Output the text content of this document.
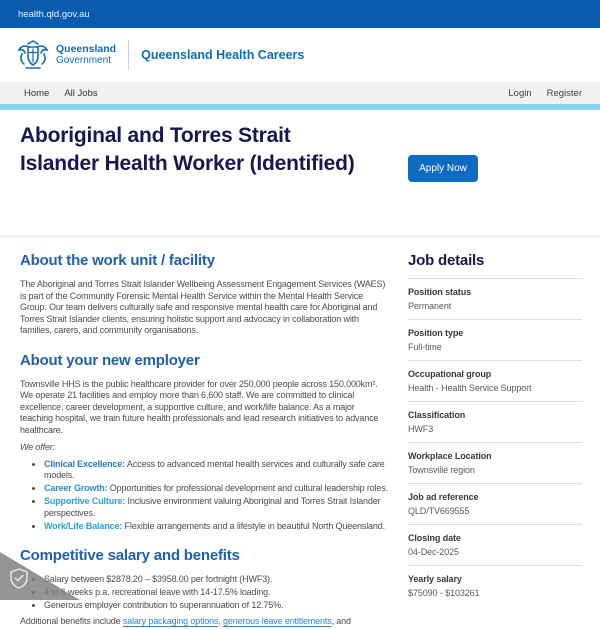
health.qld.gov.au
Queensland
Government	Queensland Health Careers
Home All Jobs	Login Register
Aboriginal and Torres Strait Islander Health Worker (Identified)	Apply Now
About the work unit / facility

The Aboriginal and Torres Strait Islander Wellbeing Assessment Engagement Services (WAES) is part of the Community Forensic Mental Health Service within the Mental Health Service Group. Our team delivers culturally safe and responsive mental health care for Aboriginal and Torres Strait Islander clients, ensuring holistic support and advocacy in collaboration with families, carers, and community organisations.

About your new employer

Townsville HHS is the public healthcare provider for over 250,000 people across 150,000km². We operate 21 facilities and employ more than 6,600 staff. We are committed to clinical excellence, career development, a supportive culture, and work/life balance. As a major teaching hospital, we train future health professionals and lead research initiatives to advance healthcare.

We offer:

• Clinical Excellence: Access to advanced mental health services and culturally safe care models.
• Career Growth: Opportunities for professional development and cultural leadership roles.
• Supportive Culture: Inclusive environment valuing Aboriginal and Torres Strait Islander perspectives.
• Work/Life Balance: Flexible arrangements and a lifestyle in beautiful North Queensland.
Competitive salary and benefits
• Salary between $2878.20 – $3958.00 per fortnight (HWF3).
• 4 to 6 weeks p.a. recreational leave with 14-17.5% loading.
• Generous employer contribution to superannuation of 12.75%.

Additional benefits include salary packaging options, generous leave entitlements, and

Job details
Position status
Permanent
Position type
Full-time
Occupational group
Health - Health Service Support
Classification
HWF3
Workplace Location
Townsville region
Job ad reference
QLD/TV669555
Closing date
04-Dec-2025
Yearly salary
$75090 - $103261
